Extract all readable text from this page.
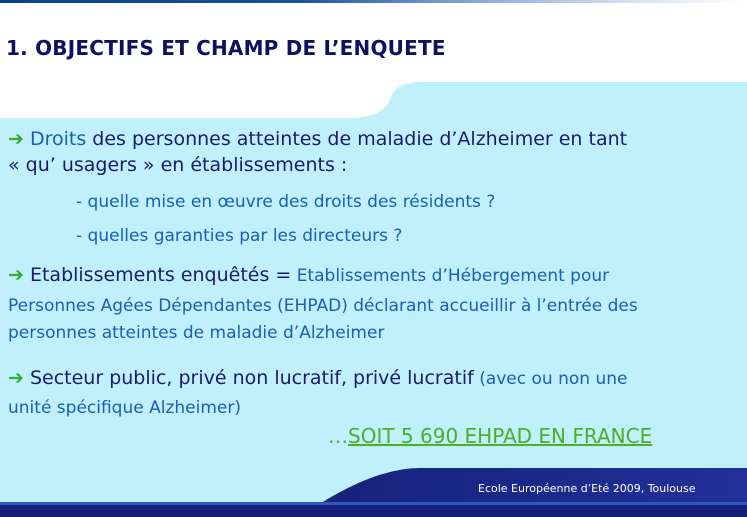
1. OBJECTIFS ET CHAMP DE L’ENQUETE
➔ Droits des personnes atteintes de maladie d’Alzheimer en tant
« qu’ usagers » en établissements :
- quelle mise en œuvre des droits des résidents ?
- quelles garanties par les directeurs ?
➔ Etablissements enquêtés = Etablissements d’Hébergement pour
Personnes Agées Dépendantes (EHPAD) déclarant accueillir à l’entrée des
personnes atteintes de maladie d’Alzheimer
➔ Secteur public, privé non lucratif, privé lucratif (avec ou non une
unité spécifique Alzheimer)
…SOIT 5 690 EHPAD EN FRANCE
Ecole Européenne d’Eté 2009, Toulouse
